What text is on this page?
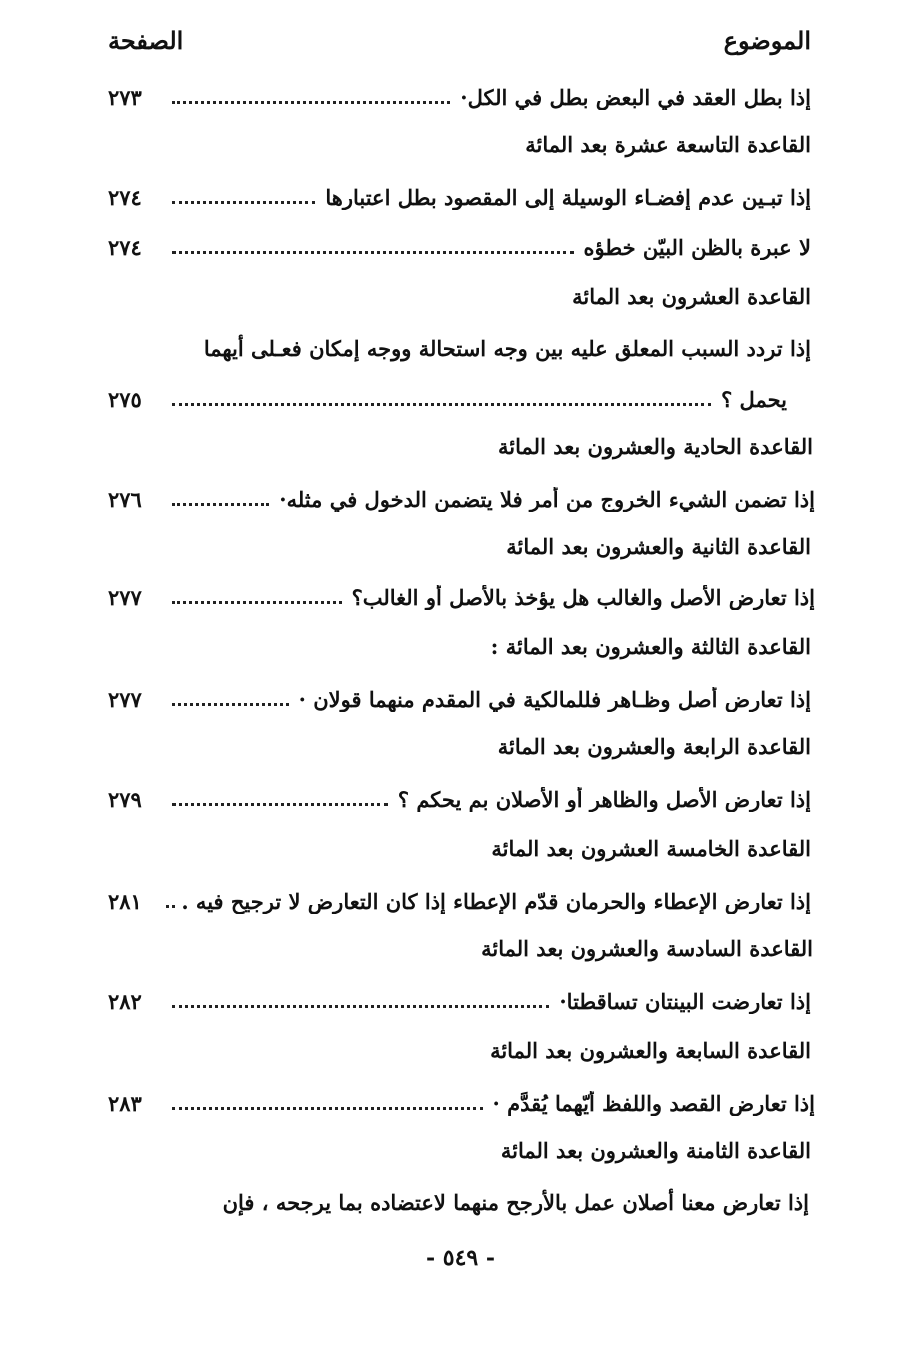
الموضوع
الصفحة
إذا بطل العقد في البعض بطل في الكل·
٢٧٣
القاعدة التاسعة عشرة بعد المائة
إذا تبـين عدم إفضـاء الوسيلة إلى المقصود بطل اعتبارها
٢٧٤
لا عبرة بالظن البيّن خطؤه
٢٧٤
القاعدة العشرون بعد المائة
إذا تردد السبب المعلق عليه بين وجه استحالة ووجه إمكان فعـلى أيهما
يحمل ؟
٢٧٥
القاعدة الحادية والعشرون بعد المائة
إذا تضمن الشيء الخروج من أمر فلا يتضمن الدخول في مثله·
٢٧٦
القاعدة الثانية والعشرون بعد المائة
إذا تعارض الأصل والغالب هل يؤخذ بالأصل أو الغالب؟
٢٧٧
القاعدة الثالثة والعشرون بعد المائة :
إذا تعارض أصل وظـاهر فللمالكية في المقدم منهما قولان ·
٢٧٧
القاعدة الرابعة والعشرون بعد المائة
إذا تعارض الأصل والظاهر أو الأصلان بم يحكم ؟
٢٧٩
القاعدة الخامسة العشرون بعد المائة
إذا تعارض الإعطاء والحرمان قدّم الإعطاء إذا كان التعارض لا ترجيح فيه .
٢٨١
القاعدة السادسة والعشرون بعد المائة
إذا تعارضت البينتان تساقطتا·
٢٨٢
القاعدة السابعة والعشرون بعد المائة
إذا تعارض القصد واللفظ أيّهما يُقدَّم ·
٢٨٣
القاعدة الثامنة والعشرون بعد المائة
إذا تعارض معنا أصلان عمل بالأرجح منهما لاعتضاده بما يرجحه ، فإن
- ٥٤٩ -
